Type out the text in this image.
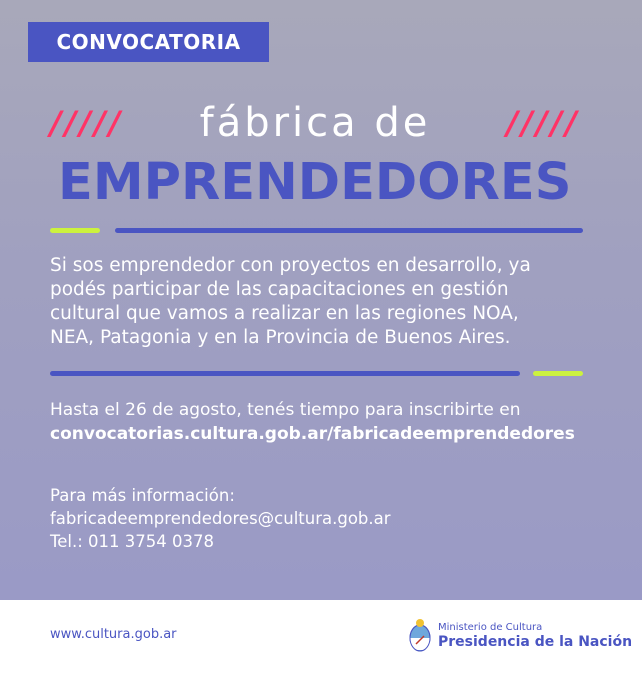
CONVOCATORIA
///// fábrica de /////
EMPRENDEDORES
Si sos emprendedor con proyectos en desarrollo, ya
podés participar de las capacitaciones en gestión
cultural que vamos a realizar en las regiones NOA,
NEA, Patagonia y en la Provincia de Buenos Aires.
Hasta el 26 de agosto, tenés tiempo para inscribirte en
convocatorias.cultura.gob.ar/fabricadeemprendedores
Para más información:
fabricadeemprendedores@cultura.gob.ar
Tel.: 011 3754 0378
www.cultura.gob.ar	Ministerio de Cultura
Presidencia de la Nación
